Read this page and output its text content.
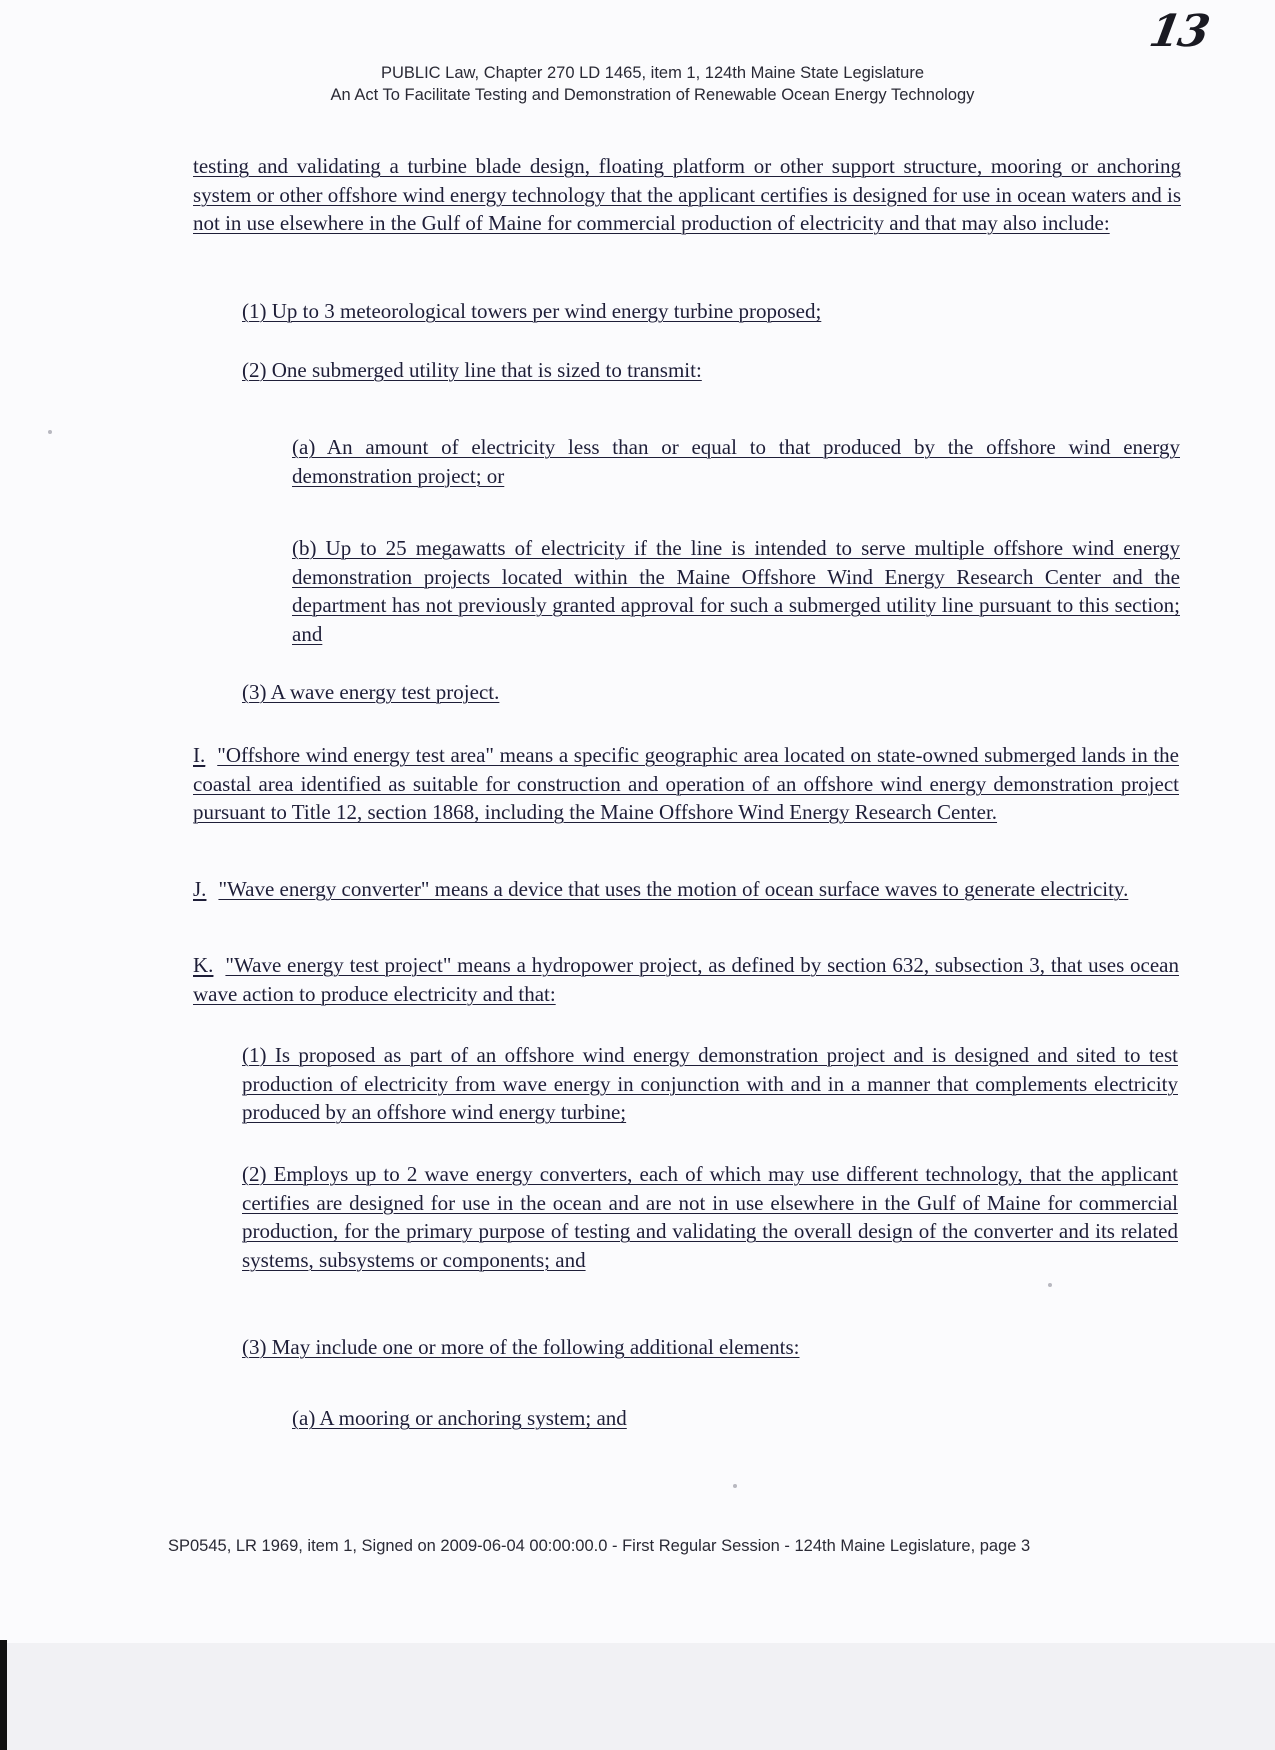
13
PUBLIC Law, Chapter 270 LD 1465, item 1, 124th Maine State Legislature
An Act To Facilitate Testing and Demonstration of Renewable Ocean Energy Technology
testing and validating a turbine blade design, floating platform or other support structure, mooring or anchoring system or other offshore wind energy technology that the applicant certifies is designed for use in ocean waters and is not in use elsewhere in the Gulf of Maine for commercial production of electricity and that may also include:
(1) Up to 3 meteorological towers per wind energy turbine proposed;
(2) One submerged utility line that is sized to transmit:
(a) An amount of electricity less than or equal to that produced by the offshore wind energy demonstration project; or
(b) Up to 25 megawatts of electricity if the line is intended to serve multiple offshore wind energy demonstration projects located within the Maine Offshore Wind Energy Research Center and the department has not previously granted approval for such a submerged utility line pursuant to this section; and
(3) A wave energy test project.
I. "Offshore wind energy test area" means a specific geographic area located on state-owned submerged lands in the coastal area identified as suitable for construction and operation of an offshore wind energy demonstration project pursuant to Title 12, section 1868, including the Maine Offshore Wind Energy Research Center.
J. "Wave energy converter" means a device that uses the motion of ocean surface waves to generate electricity.
K. "Wave energy test project" means a hydropower project, as defined by section 632, subsection 3, that uses ocean wave action to produce electricity and that:
(1) Is proposed as part of an offshore wind energy demonstration project and is designed and sited to test production of electricity from wave energy in conjunction with and in a manner that complements electricity produced by an offshore wind energy turbine;
(2) Employs up to 2 wave energy converters, each of which may use different technology, that the applicant certifies are designed for use in the ocean and are not in use elsewhere in the Gulf of Maine for commercial production, for the primary purpose of testing and validating the overall design of the converter and its related systems, subsystems or components; and
(3) May include one or more of the following additional elements:
(a) A mooring or anchoring system; and
SP0545, LR 1969, item 1, Signed on 2009-06-04 00:00:00.0 - First Regular Session - 124th Maine Legislature, page 3
